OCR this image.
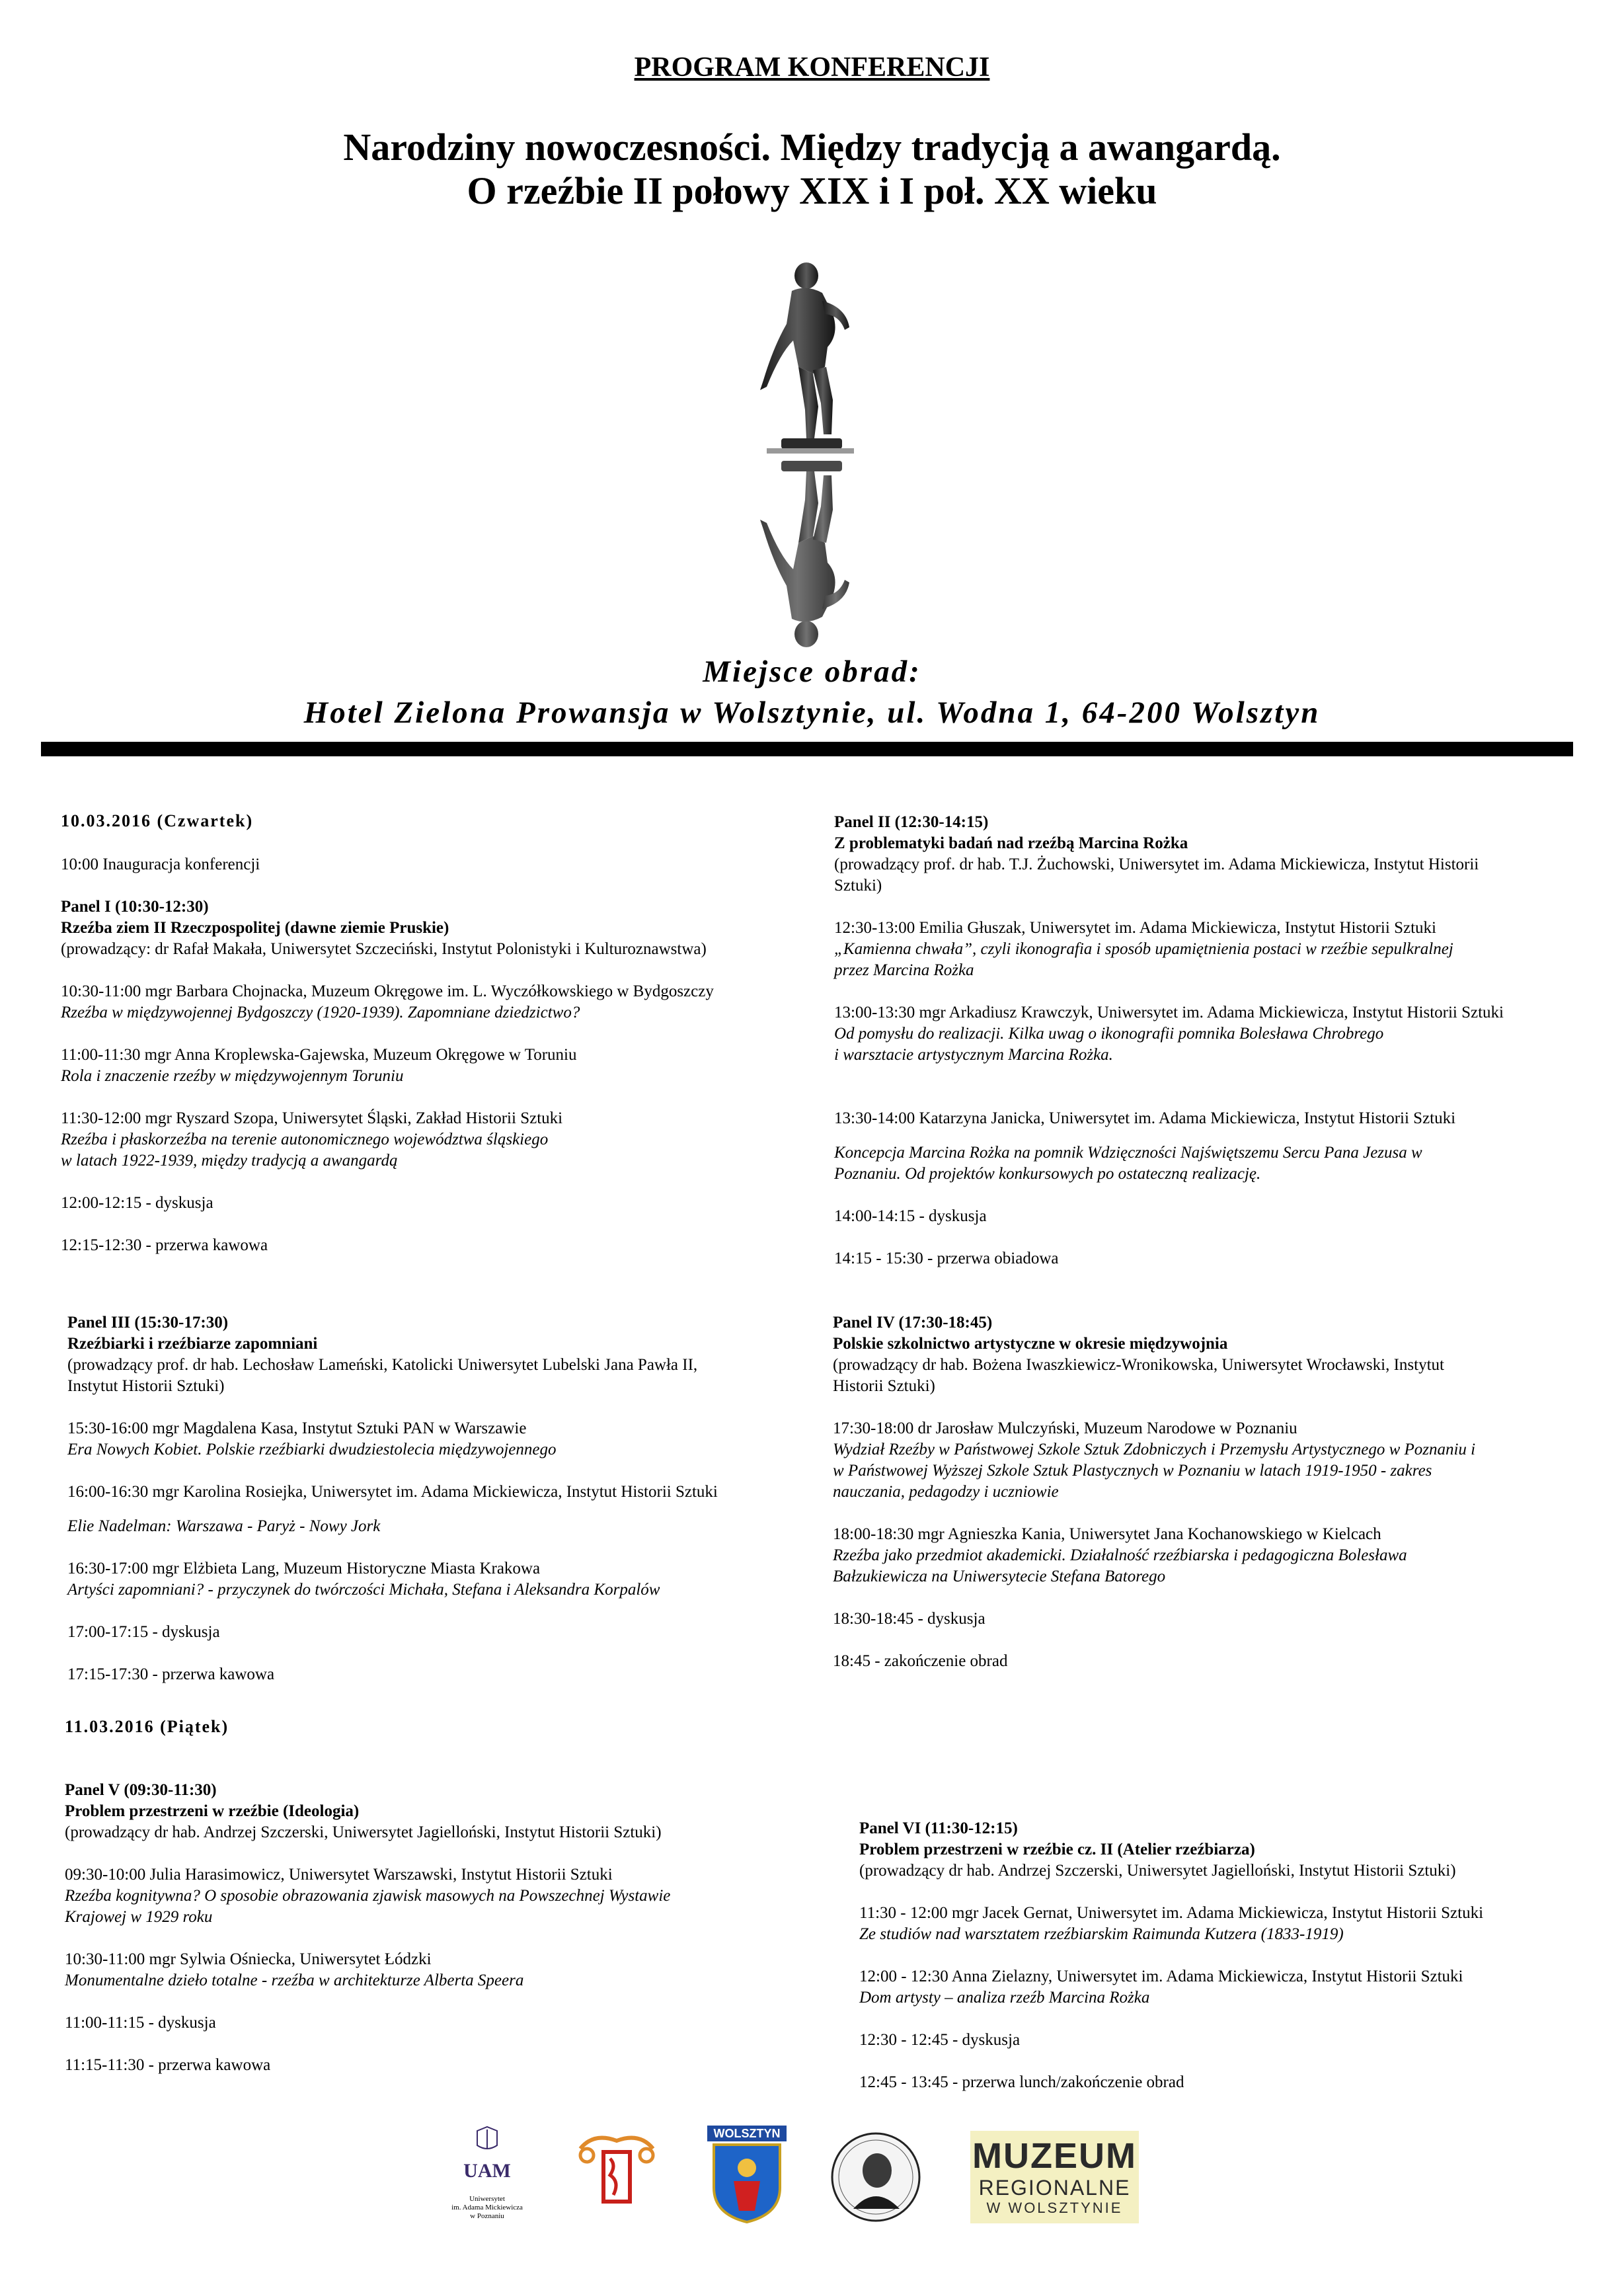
PROGRAM KONFERENCJI
Narodziny nowoczesności. Między tradycją a awangardą.
O rzeźbie II połowy XIX i I poł. XX wieku
Miejsce obrad:
Hotel Zielona Prowansja w Wolsztynie, ul. Wodna 1, 64-200 Wolsztyn
10.03.2016 (Czwartek)

10:00 Inauguracja konferencji

Panel I (10:30-12:30)

Rzeźba ziem II Rzeczpospolitej (dawne ziemie Pruskie)

(prowadzący: dr Rafał Makała, Uniwersytet Szczeciński, Instytut Polonistyki i Kulturoznawstwa)

10:30-11:00 mgr Barbara Chojnacka, Muzeum Okręgowe im. L. Wyczółkowskiego w Bydgoszczy

Rzeźba w międzywojennej Bydgoszczy (1920-1939). Zapomniane dziedzictwo?

11:00-11:30 mgr Anna Kroplewska-Gajewska, Muzeum Okręgowe w Toruniu

Rola i znaczenie rzeźby w międzywojennym Toruniu

11:30-12:00 mgr Ryszard Szopa, Uniwersytet Śląski, Zakład Historii Sztuki

Rzeźba i płaskorzeźba na terenie autonomicznego województwa śląskiego

w latach 1922-1939, między tradycją a awangardą

12:00-12:15 - dyskusja

12:15-12:30 - przerwa kawowa

Panel II (12:30-14:15)

Z problematyki badań nad rzeźbą Marcina Rożka

(prowadzący prof. dr hab. T.J. Żuchowski, Uniwersytet im. Adama Mickiewicza, Instytut Historii

Sztuki)

12:30-13:00 Emilia Głuszak, Uniwersytet im. Adama Mickiewicza, Instytut Historii Sztuki

„Kamienna chwała”, czyli ikonografia i sposób upamiętnienia postaci w rzeźbie sepulkralnej

przez Marcina Rożka

13:00-13:30 mgr Arkadiusz Krawczyk, Uniwersytet im. Adama Mickiewicza, Instytut Historii Sztuki

Od pomysłu do realizacji. Kilka uwag o ikonografii pomnika Bolesława Chrobrego

i warsztacie artystycznym Marcina Rożka.

13:30-14:00 Katarzyna Janicka, Uniwersytet im. Adama Mickiewicza, Instytut Historii Sztuki

Koncepcja Marcina Rożka na pomnik Wdzięczności Najświętszemu Sercu Pana Jezusa w

Poznaniu. Od projektów konkursowych po ostateczną realizację.

14:00-14:15 - dyskusja

14:15 - 15:30 - przerwa obiadowa

Panel III (15:30-17:30)

Rzeźbiarki i rzeźbiarze zapomniani

(prowadzący prof. dr hab. Lechosław Lameński, Katolicki Uniwersytet Lubelski Jana Pawła II,

Instytut Historii Sztuki)

15:30-16:00 mgr Magdalena Kasa, Instytut Sztuki PAN w Warszawie

Era Nowych Kobiet. Polskie rzeźbiarki dwudziestolecia międzywojennego

16:00-16:30 mgr Karolina Rosiejka, Uniwersytet im. Adama Mickiewicza, Instytut Historii Sztuki

Elie Nadelman: Warszawa - Paryż - Nowy Jork

16:30-17:00 mgr Elżbieta Lang, Muzeum Historyczne Miasta Krakowa

Artyści zapomniani? - przyczynek do twórczości Michała, Stefana i Aleksandra Korpalów

17:00-17:15 - dyskusja

17:15-17:30 - przerwa kawowa

Panel IV (17:30-18:45)

Polskie szkolnictwo artystyczne w okresie międzywojnia

(prowadzący dr hab. Bożena Iwaszkiewicz-Wronikowska, Uniwersytet Wrocławski, Instytut

Historii Sztuki)

17:30-18:00 dr Jarosław Mulczyński, Muzeum Narodowe w Poznaniu

Wydział Rzeźby w Państwowej Szkole Sztuk Zdobniczych i Przemysłu Artystycznego w Poznaniu i

w Państwowej Wyższej Szkole Sztuk Plastycznych w Poznaniu w latach 1919-1950 - zakres

nauczania, pedagodzy i uczniowie

18:00-18:30 mgr Agnieszka Kania, Uniwersytet Jana Kochanowskiego w Kielcach

Rzeźba jako przedmiot akademicki. Działalność rzeźbiarska i pedagogiczna Bolesława

Bałzukiewicza na Uniwersytecie Stefana Batorego

18:30-18:45 - dyskusja

18:45 - zakończenie obrad

11.03.2016 (Piątek)

Panel V (09:30-11:30)

Problem przestrzeni w rzeźbie (Ideologia)

(prowadzący dr hab. Andrzej Szczerski, Uniwersytet Jagielloński, Instytut Historii Sztuki)

09:30-10:00 Julia Harasimowicz, Uniwersytet Warszawski, Instytut Historii Sztuki

Rzeźba kognitywna? O sposobie obrazowania zjawisk masowych na Powszechnej Wystawie

Krajowej w 1929 roku

10:30-11:00 mgr Sylwia Ośniecka, Uniwersytet Łódzki

Monumentalne dzieło totalne - rzeźba w architekturze Alberta Speera

11:00-11:15 - dyskusja

11:15-11:30 - przerwa kawowa

Panel VI (11:30-12:15)

Problem przestrzeni w rzeźbie cz. II (Atelier rzeźbiarza)

(prowadzący dr hab. Andrzej Szczerski, Uniwersytet Jagielloński, Instytut Historii Sztuki)

11:30 - 12:00 mgr Jacek Gernat, Uniwersytet im. Adama Mickiewicza, Instytut Historii Sztuki

Ze studiów nad warsztatem rzeźbiarskim Raimunda Kutzera (1833-1919)

12:00 - 12:30 Anna Zielazny, Uniwersytet im. Adama Mickiewicza, Instytut Historii Sztuki

Dom artysty – analiza rzeźb Marcina Rożka

12:30 - 12:45 - dyskusja

12:45 - 13:45 - przerwa lunch/zakończenie obrad

UAM
Uniwersytet
im. Adama Mickiewicza
w Poznaniu
WOLSZTYN
MUZEUM
REGIONALNE
W WOLSZTYNIE
